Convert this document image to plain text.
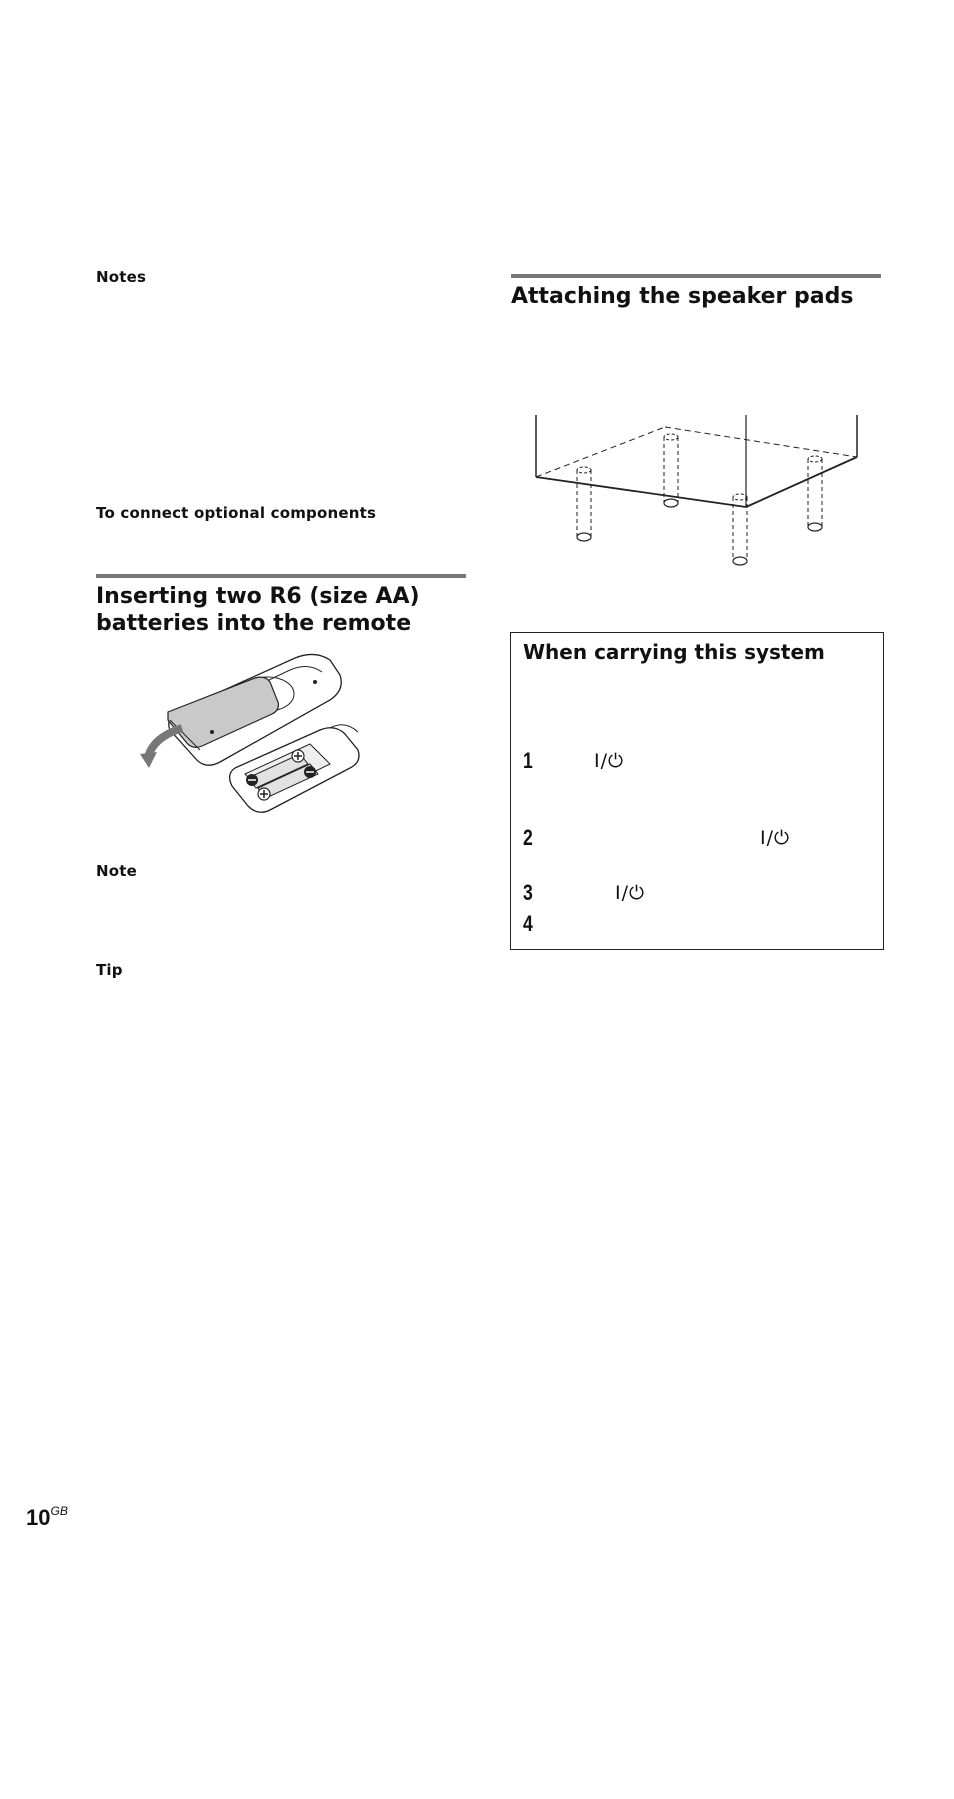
Notes
To connect optional components
Inserting two R6 (size AA)
batteries into the remote
Note
Tip
Attaching the speaker pads
When carrying this system
1	I/⏻
2	I/⏻
3	I/⏻
4
$10^{GB}$
